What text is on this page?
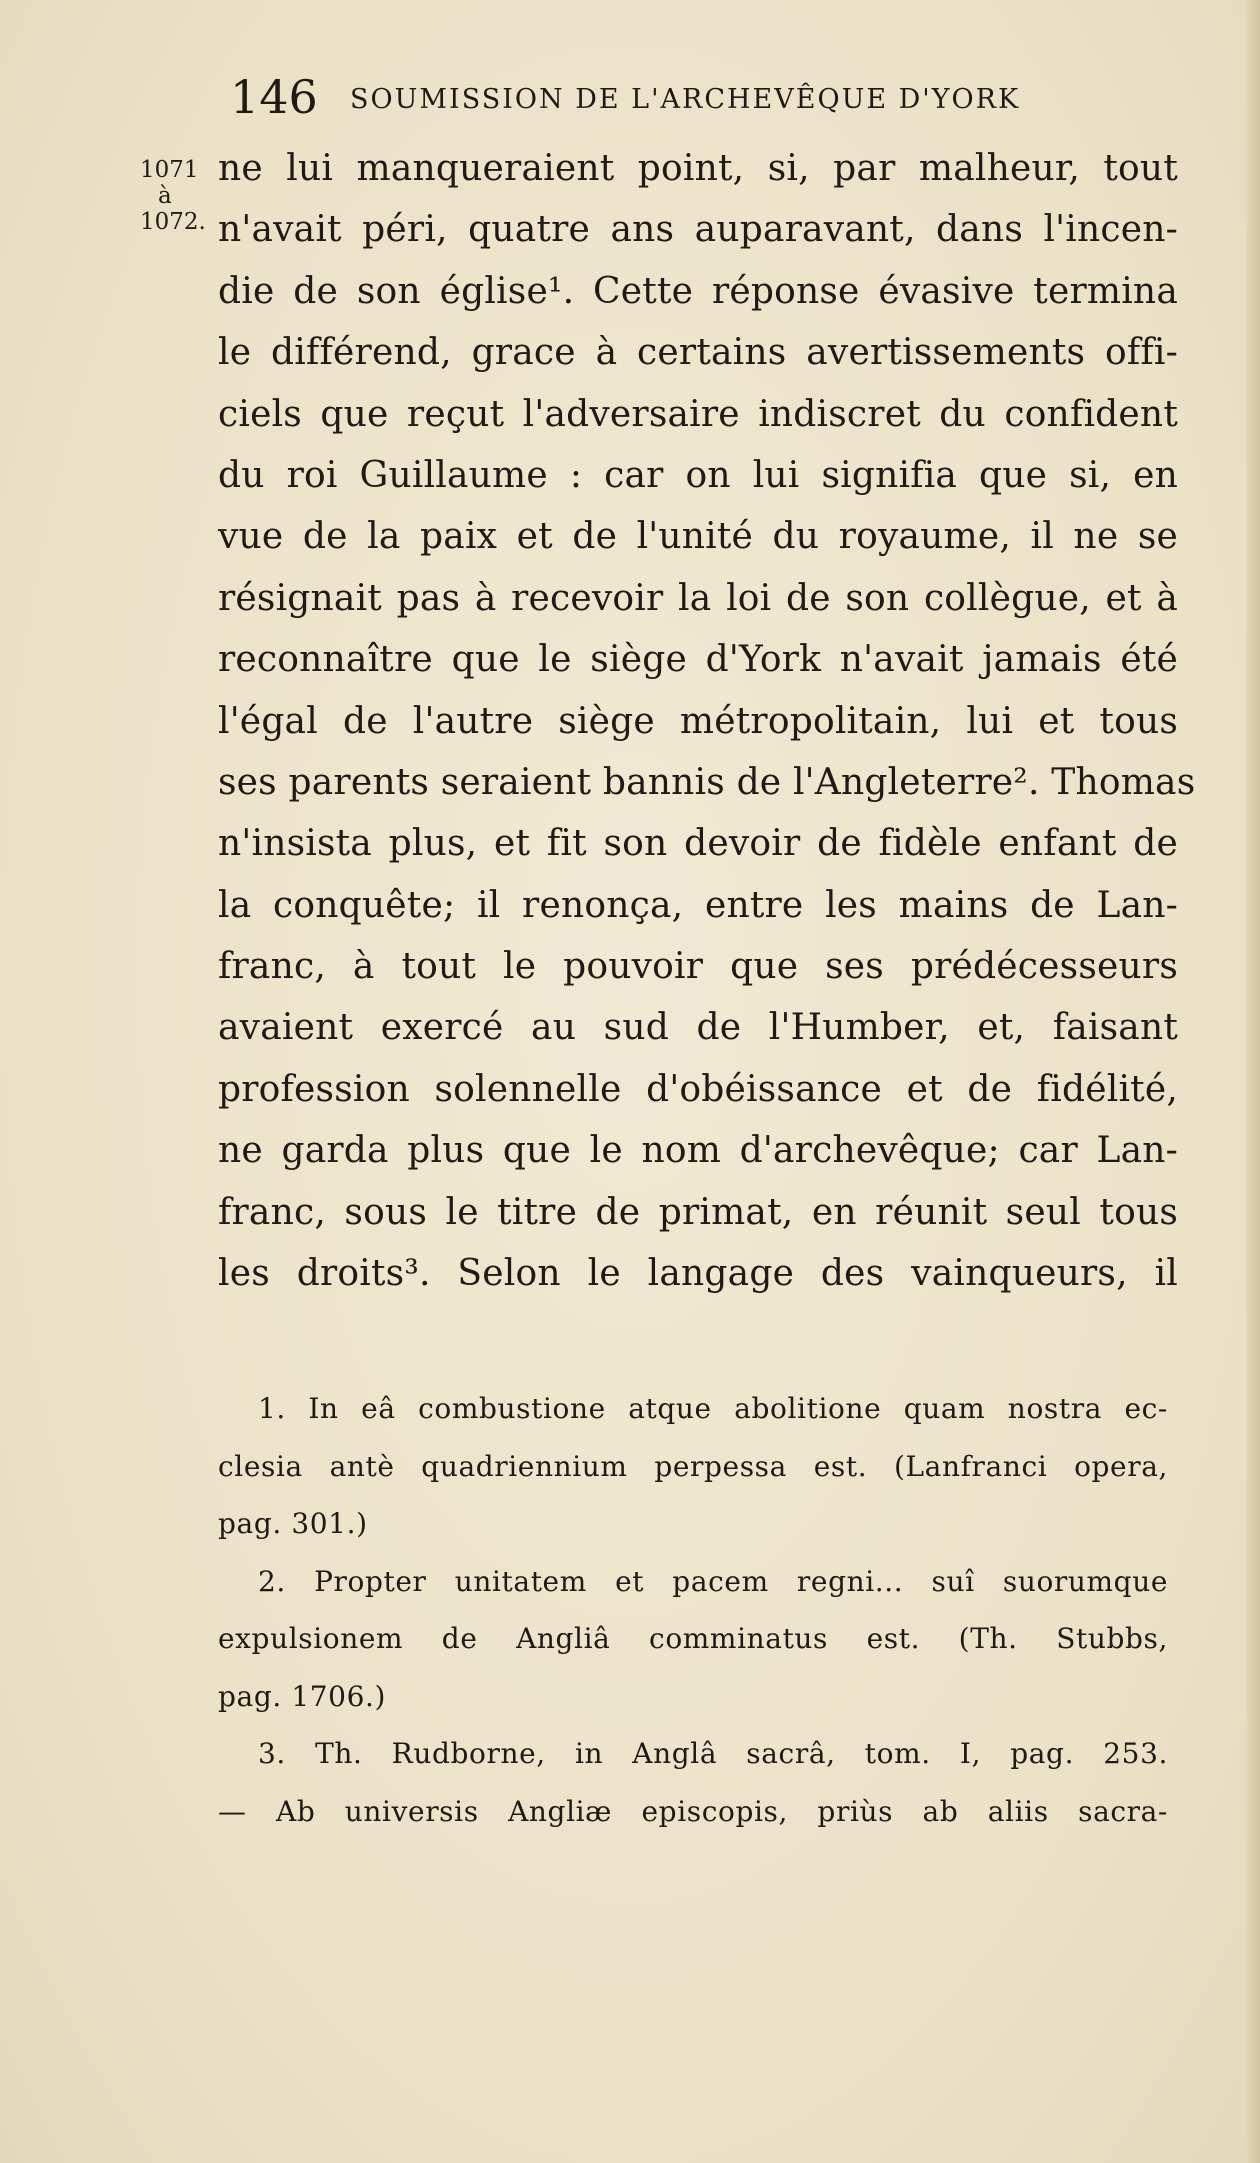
146 SOUMISSION DE L'ARCHEVÊQUE D'YORK
1071
à
1072.
ne lui manqueraient point, si, par malheur, tout
n'avait péri, quatre ans auparavant, dans l'incen-
die de son église¹. Cette réponse évasive termina
le différend, grace à certains avertissements offi-
ciels que reçut l'adversaire indiscret du confident
du roi Guillaume : car on lui signifia que si, en
vue de la paix et de l'unité du royaume, il ne se
résignait pas à recevoir la loi de son collègue, et à
reconnaître que le siège d'York n'avait jamais été
l'égal de l'autre siège métropolitain, lui et tous
ses parents seraient bannis de l'Angleterre². Thomas
n'insista plus, et fit son devoir de fidèle enfant de
la conquête; il renonça, entre les mains de Lan-
franc, à tout le pouvoir que ses prédécesseurs
avaient exercé au sud de l'Humber, et, faisant
profession solennelle d'obéissance et de fidélité,
ne garda plus que le nom d'archevêque; car Lan-
franc, sous le titre de primat, en réunit seul tous
les droits³. Selon le langage des vainqueurs, il
1. In eâ combustione atque abolitione quam nostra ec-
clesia antè quadriennium perpessa est. (Lanfranci opera,
pag. 301.)
2. Propter unitatem et pacem regni... suî suorumque
expulsionem de Angliâ comminatus est. (Th. Stubbs,
pag. 1706.)
3. Th. Rudborne, in Anglâ sacrâ, tom. I, pag. 253.
— Ab universis Angliæ episcopis, priùs ab aliis sacra-
